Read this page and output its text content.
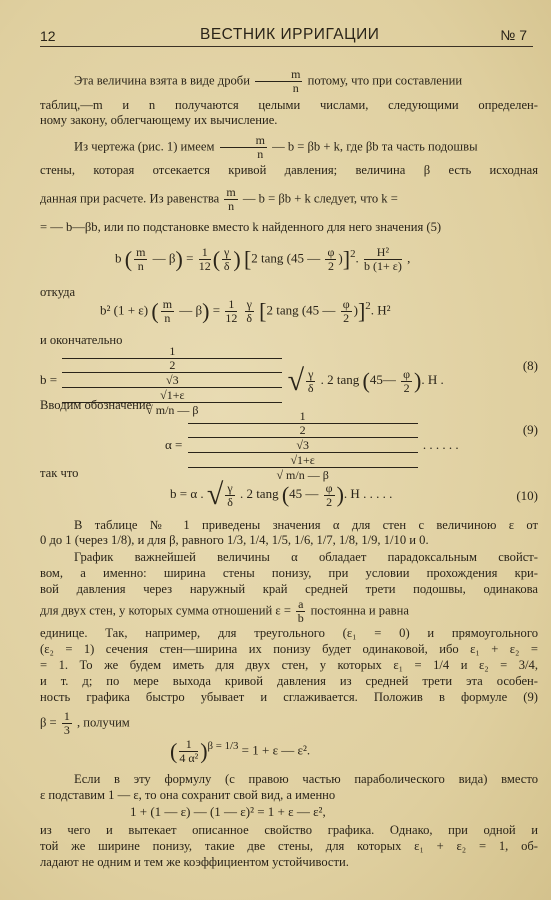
12	ВЕСТНИК ИРРИГАЦИИ	№ 7
Эта величина взята в виде дроби $\frac{m}{n}$ потому, что при составлении
таблиц,—m и n получаются целыми числами, следующими определен-
ному закону, облегчающему их вычисление.
Из чертежа (рис. 1) имеем $\frac{m}{n}$ — b = βb + k, где βb та часть подошвы
стены, которая отсекается кривой давления; величина β есть исходная
данная при расчете. Из равенства $\frac{m}{n}$ — b = βb + k следует, что k =
= — b—βb, или по подстановке вместо k найденного для него значения (5)
b ( $\frac{m}{n}$ — $\beta) = \frac{1}{12}$ ( $\frac{\gamma}{\delta}$ ) [2 tang (45 — $\frac{\varphi}{2} )]^2$. $\frac{\text{H²}}{b (1+ \varepsilon)}$ ,
откуда
b² (1 + ε) ( $\frac{m}{n}$ — $\beta) = \frac{1}{12}$
$\frac{\gamma}{\delta} [2$ tang (45 — $\frac{\varphi}{2} )]^2$. H²
и окончательно
b = 1
2
√3
√1+ε
√ m/n — β √ $\frac{\gamma}{\delta}$ . 2 tang (45— $\frac{\varphi}{2}$ ). H .
(8)
Вводим обозначение
α = 1
2
√3
√1+ε
√ m/n — β . . . . . .
(9)
так что
b = α . √ $\frac{\gamma}{\delta}$ . 2 tang (45 — $\frac{\varphi}{2}$ ). H . . . . .	(10)
В таблице № 1 приведены значения α для стен с величиною ε от
0 до 1 (через 1/8), и для β, равного 1/3, 1/4, 1/5, 1/6, 1/7, 1/8, 1/9, 1/10 и 0.
График важнейшей величины α обладает парадоксальным свойст-
вом, а именно: ширина стены понизу, при условии прохождения кри-
вой давления через наружный край средней трети подошвы, одинакова
для двух стен, у которых сумма отношений $\varepsilon = \frac{a}{b}$ постоянна и равна
единице. Так, например, для треугольного (ε₁ = 0) и прямоугольного
(ε₂ = 1) сечения стен—ширина их понизу будет одинаковой, ибо ε₁ + ε₂ =
= 1. То же будем иметь для двух стен, у которых ε₁ = 1/4 и ε₂ = 3/4,
и т. д; по мере выхода кривой давления из средней трети эта особен-
ность графика быстро убывает и сглаживается. Положив в формуле (9)
$\beta = \frac{1}{3}$ , получим
( $\frac{1}{\text{4 α²}} )^{\beta = 1/3} = 1 + \varepsilon$ — ε².
Если в эту формулу (с правою частью параболического вида) вместо
ε подставим 1 — ε, то она сохранит свой вид, а именно
1 + (1 — ε) — (1 — ε)² = 1 + ε — ε²,
из чего и вытекает описанное свойство графика. Однако, при одной и
той же ширине понизу, такие две стены, для которых ε₁ + ε₂ = 1, об-
ладают не одним и тем же коэффициентом устойчивости.
